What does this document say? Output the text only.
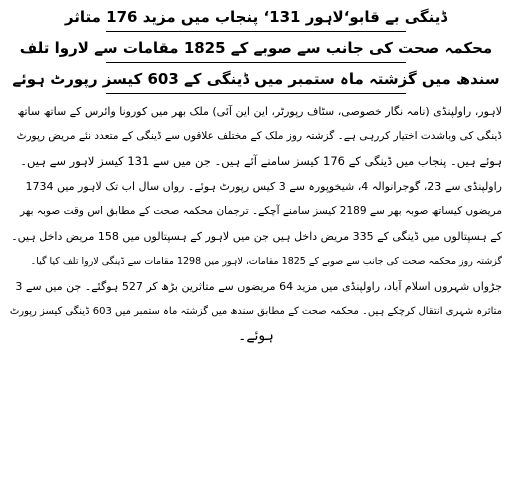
ڈینگی بے قابو‘لاہور 131‘ پنجاب میں مزید 176 متاثر

محکمہ صحت کی جانب سے صوبے کے 1825 مقامات سے لاروا تلف

سندھ میں گزشتہ ماہ ستمبر میں ڈینگی کے 603 کیسز رپورٹ ہوئے

لاہور، راولپنڈی (نامہ نگار خصوصی، سٹاف رپورٹر، این این آئی) ملک بھر میں کورونا وائرس کے ساتھ ساتھ

ڈینگی کی وباشدت اختیار کررہی ہے۔ گزشتہ روز ملک کے مختلف علاقوں سے ڈینگی کے متعدد نئے مریض رپورٹ

ہوئے ہیں۔ پنجاب میں ڈینگی کے 176 کیسز سامنے آئے ہیں۔ جن میں سے 131 کیسز لاہور سے ہیں۔

راولپنڈی سے 23، گوجرانوالہ 4، شیخوپورہ سے 3 کیس رپورٹ ہوئے۔ رواں سال اب تک لاہور میں 1734

مریضوں کیساتھ صوبہ بھر سے 2189 کیسز سامنے آچکے۔ ترجمان محکمہ صحت کے مطابق اس وقت صوبہ بھر

کے ہسپتالوں میں ڈینگی کے 335 مریض داخل ہیں جن میں لاہور کے ہسپتالوں میں 158 مریض داخل ہیں۔

گزشتہ روز محکمہ صحت کی جانب سے صوبے کے 1825 مقامات، لاہور میں 1298 مقامات سے ڈینگی لاروا تلف کیا گیا۔

جڑواں شہروں اسلام آباد، راولپنڈی میں مزید 64 مریضوں سے متاثرین بڑھ کر 527 ہوگئے۔ جن میں سے 3

متاثرہ شہری انتقال کرچکے ہیں۔ محکمہ صحت کے مطابق سندھ میں گزشتہ ماہ ستمبر میں 603 ڈینگی کیسز رپورٹ

ہوئے۔
